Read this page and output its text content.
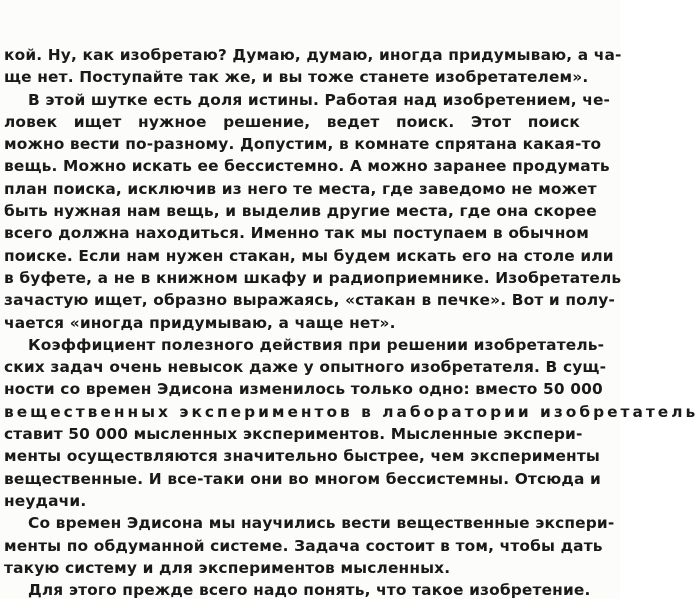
кой. Ну, как изобретаю? Думаю, думаю, иногда придумываю, а ча-
ще нет. Поступайте так же, и вы тоже станете изобретателем».
В этой шутке есть доля истины. Работая над изобретением, че-
ловек ищет нужное решение, ведет поиск. Этот поиск
можно вести по-разному. Допустим, в комнате спрятана какая-то
вещь. Можно искать ее бессистемно. А можно заранее продумать
план поиска, исключив из него те места, где заведомо не может
быть нужная нам вещь, и выделив другие места, где она скорее
всего должна находиться. Именно так мы поступаем в обычном
поиске. Если нам нужен стакан, мы будем искать его на столе или
в буфете, а не в книжном шкафу и радиоприемнике. Изобретатель
зачастую ищет, образно выражаясь, «стакан в печке». Вот и полу-
чается «иногда придумываю, а чаще нет».
Коэффициент полезного действия при решении изобретатель-
ских задач очень невысок даже у опытного изобретателя. В сущ-
ности со времен Эдисона изменилось только одно: вместо 50 000
вещественных экспериментов в лаборатории изобретатель
ставит 50 000 мысленных экспериментов. Мысленные экспери-
менты осуществляются значительно быстрее, чем эксперименты
вещественные. И все-таки они во многом бессистемны. Отсюда и
неудачи.
Со времен Эдисона мы научились вести вещественные экспери-
менты по обдуманной системе. Задача состоит в том, чтобы дать
такую систему и для экспериментов мысленных.
Для этого прежде всего надо понять, что такое изобретение.
